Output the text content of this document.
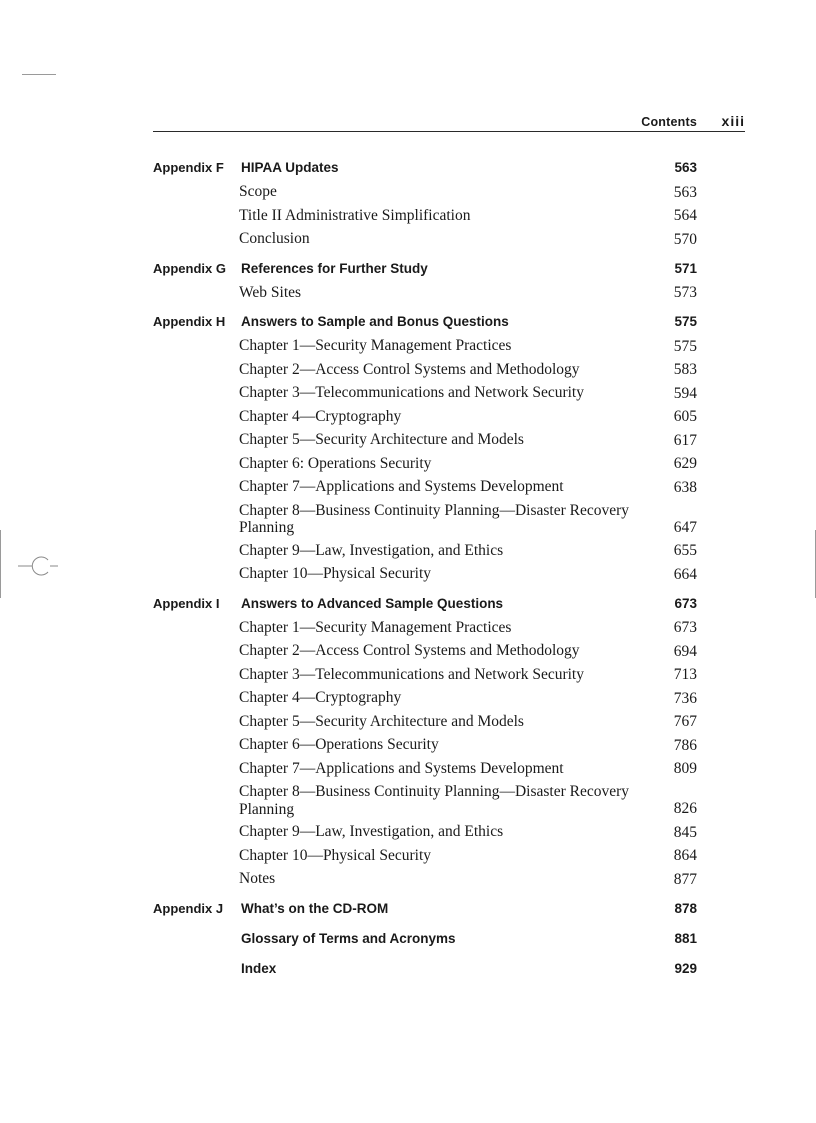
Contents xiii
Appendix F HIPAA Updates	563
Scope	563
Title II Administrative Simplification	564
Conclusion	570
Appendix G References for Further Study	571
Web Sites	573
Appendix H Answers to Sample and Bonus Questions	575
Chapter 1—Security Management Practices	575
Chapter 2—Access Control Systems and Methodology	583
Chapter 3—Telecommunications and Network Security	594
Chapter 4—Cryptography	605
Chapter 5—Security Architecture and Models	617
Chapter 6: Operations Security	629
Chapter 7—Applications and Systems Development	638
Chapter 8—Business Continuity Planning—Disaster Recovery Planning	647
Chapter 9—Law, Investigation, and Ethics	655
Chapter 10—Physical Security	664
Appendix I Answers to Advanced Sample Questions	673
Chapter 1—Security Management Practices	673
Chapter 2—Access Control Systems and Methodology	694
Chapter 3—Telecommunications and Network Security	713
Chapter 4—Cryptography	736
Chapter 5—Security Architecture and Models	767
Chapter 6—Operations Security	786
Chapter 7—Applications and Systems Development	809
Chapter 8—Business Continuity Planning—Disaster Recovery Planning	826
Chapter 9—Law, Investigation, and Ethics	845
Chapter 10—Physical Security	864
Notes	877
Appendix J What’s on the CD-ROM	878
Glossary of Terms and Acronyms	881
Index	929
